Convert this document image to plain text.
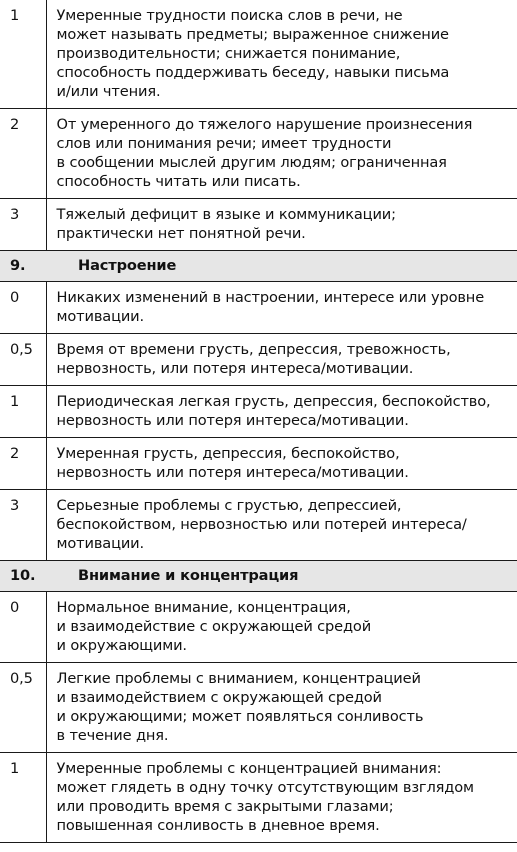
1	Умеренные трудности поиска слов в речи, не
может называть предметы; выраженное снижение
производительности; снижается понимание,
способность поддерживать беседу, навыки письма
и/или чтения.

2	От умеренного до тяжелого нарушение произнесения
слов или понимания речи; имеет трудности
в сообщении мыслей другим людям; ограниченная
способность читать или писать.

3	Тяжелый дефицит в языке и коммуникации;
практически нет понятной речи.

9. Настроение	
0	Никаких изменений в настроении, интересе или уровне
мотивации.

0,5	Время от времени грусть, депрессия, тревожность,
нервозность, или потеря интереса/мотивации.

1	Периодическая легкая грусть, депрессия, беспокойство,
нервозность или потеря интереса/мотивации.

2	Умеренная грусть, депрессия, беспокойство,
нервозность или потеря интереса/мотивации.

3	Серьезные проблемы с грустью, депрессией,
беспокойством, нервозностью или потерей интереса/
мотивации.

10. Внимание и концентрация	
0	Нормальное внимание, концентрация,
и взаимодействие с окружающей средой
и окружающими.

0,5	Легкие проблемы с вниманием, концентрацией
и взаимодействием с окружающей средой
и окружающими; может появляться сонливость
в течение дня.

1	Умеренные проблемы с концентрацией внимания:
может глядеть в одну точку отсутствующим взглядом
или проводить время с закрытыми глазами;
повышенная сонливость в дневное время.
